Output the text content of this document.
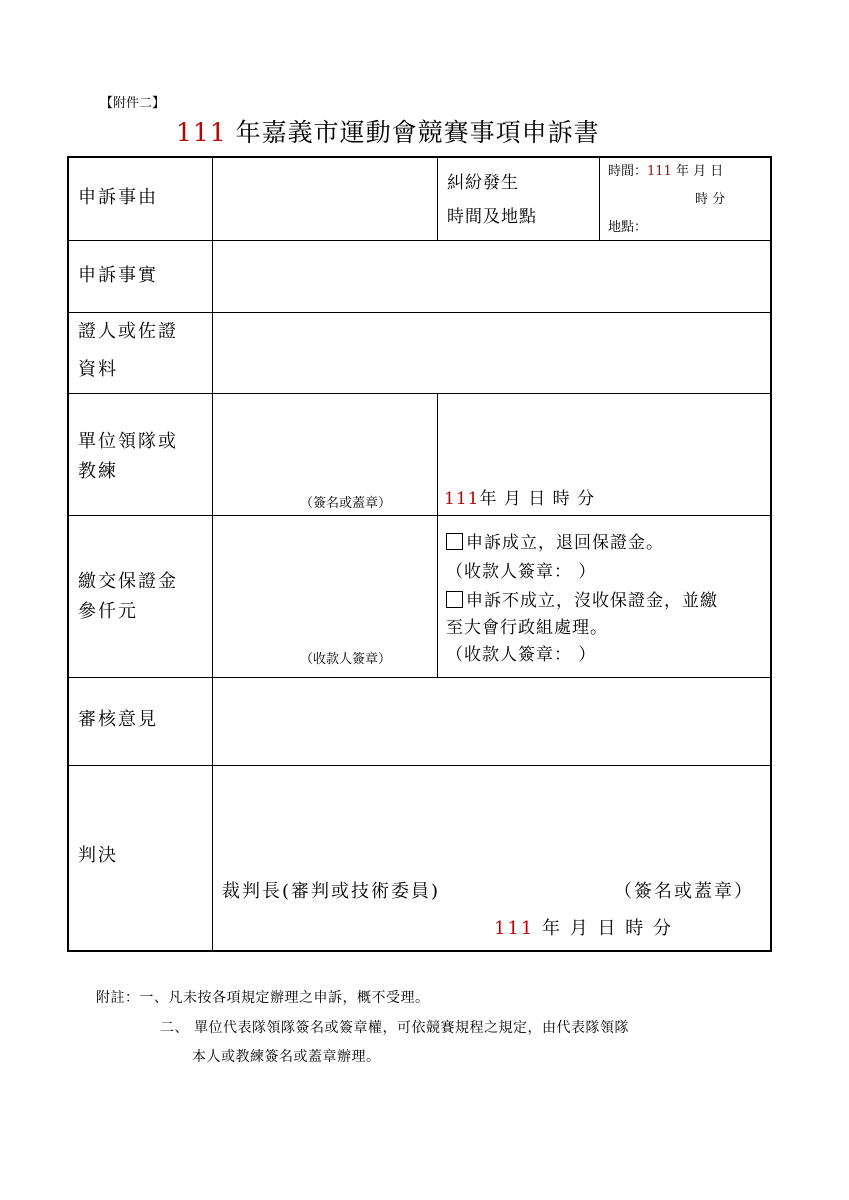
【附件二】
111 年嘉義市運動會競賽事項申訴書
申訴事由
糾紛發生
時間及地點
時間：111 年 月 日
時 分
地點：
申訴事實
證人或佐證
資料
單位領隊或
教練
（簽名或蓋章）	111年 月 日 時 分
繳交保證金
參仟元
（收款人簽章）
申訴成立，退回保證金。
（收款人簽章： ）
申訴不成立，沒收保證金，並繳
至大會行政組處理。
（收款人簽章： ）
審核意見
判決
裁判長(審判或技術委員)	（簽名或蓋章）
111 年 月 日 時 分
附註：一、凡未按各項規定辦理之申訴，概不受理。
二、 單位代表隊領隊簽名或簽章權，可依競賽規程之規定，由代表隊領隊
本人或教練簽名或蓋章辦理。
